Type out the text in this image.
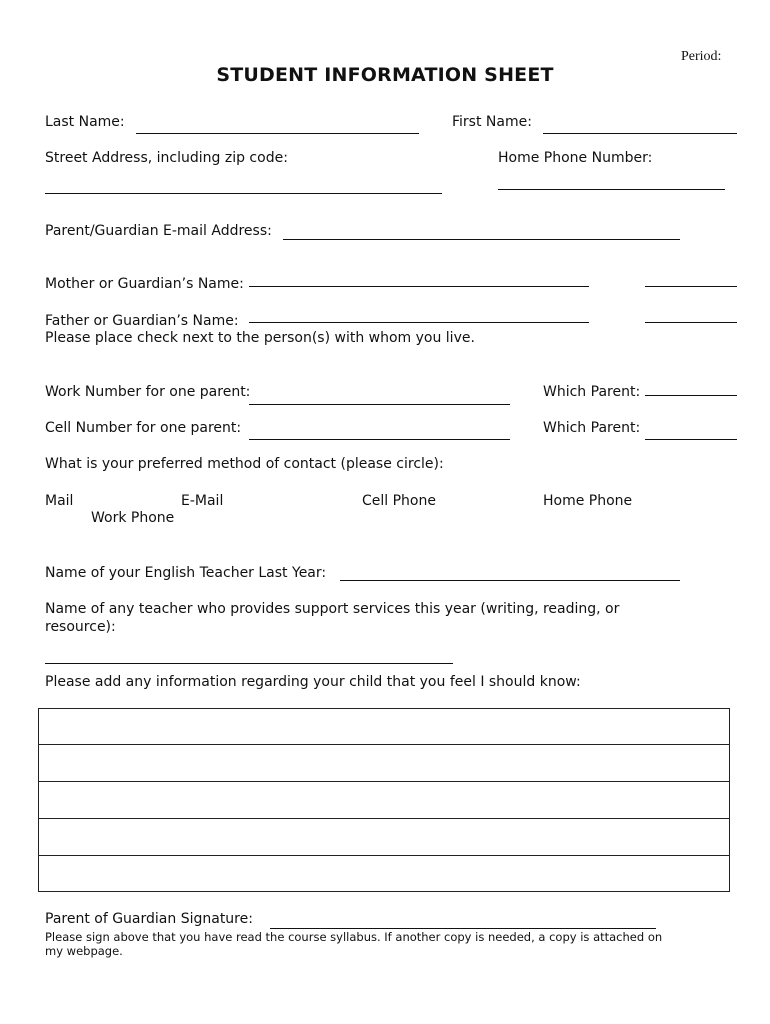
Period:
STUDENT INFORMATION SHEET
Last Name:	First Name:
Street Address, including zip code:	Home Phone Number:
Parent/Guardian E-mail Address:
Mother or Guardian’s Name:
Father or Guardian’s Name:
Please place check next to the person(s) with whom you live.
Work Number for one parent:	Which Parent:
Cell Number for one parent:	Which Parent:
What is your preferred method of contact (please circle):
Mail	E-Mail	Cell Phone	Home Phone
Work Phone
Name of your English Teacher Last Year:
Name of any teacher who provides support services this year (writing, reading, or
resource):
Please add any information regarding your child that you feel I should know:
Parent of Guardian Signature:
Please sign above that you have read the course syllabus. If another copy is needed, a copy is attached on
my webpage.
